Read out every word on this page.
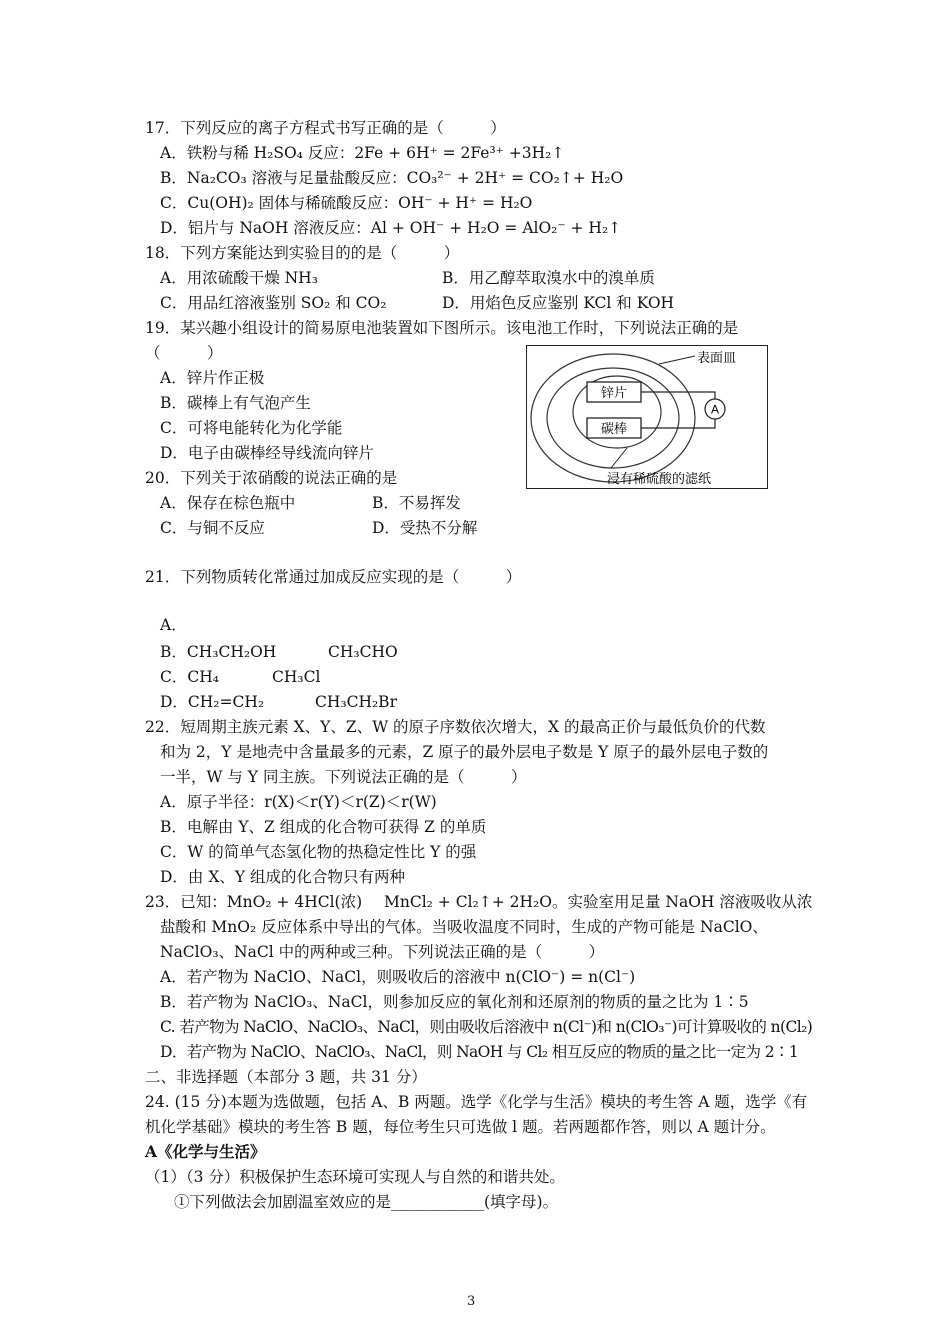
17．下列反应的离子方程式书写正确的是（　　　）
A．铁粉与稀 H₂SO₄ 反应：2Fe + 6H⁺ = 2Fe³⁺ +3H₂↑
B．Na₂CO₃ 溶液与足量盐酸反应：CO₃²⁻ + 2H⁺ = CO₂↑+ H₂O
C．Cu(OH)₂ 固体与稀硫酸反应：OH⁻ + H⁺ = H₂O
D．铝片与 NaOH 溶液反应：Al + OH⁻ + H₂O = AlO₂⁻ + H₂↑
18．下列方案能达到实验目的的是（　　　）
A．用浓硫酸干燥 NH₃	B．用乙醇萃取溴水中的溴单质
C．用品红溶液鉴别 SO₂ 和 CO₂	D．用焰色反应鉴别 KCl 和 KOH
19．某兴趣小组设计的简易原电池装置如下图所示。该电池工作时，下列说法正确的是
（　　　）
A．锌片作正极
B．碳棒上有气泡产生
C．可将电能转化为化学能
D．电子由碳棒经导线流向锌片
A
锌片
碳棒
表面皿
浸有稀硫酸的滤纸
20．下列关于浓硝酸的说法正确的是
A．保存在棕色瓶中	B．不易挥发
C．与铜不反应	D．受热不分解
21．下列物质转化常通过加成反应实现的是（　　　）
A．
B．CH₃CH₂OH	CH₃CHO
C．CH₄	CH₃Cl
D．CH₂=CH₂	CH₃CH₂Br
22．短周期主族元素 X、Y、Z、W 的原子序数依次增大，X 的最高正价与最低负价的代数
和为 2，Y 是地壳中含量最多的元素，Z 原子的最外层电子数是 Y 原子的最外层电子数的
一半，W 与 Y 同主族。下列说法正确的是（　　　）
A．原子半径：r(X)＜r(Y)＜r(Z)＜r(W)
B．电解由 Y、Z 组成的化合物可获得 Z 的单质
C．W 的简单气态氢化物的热稳定性比 Y 的强
D．由 X、Y 组成的化合物只有两种
23．已知：MnO₂ + 4HCl(浓) MnCl₂ + Cl₂↑+ 2H₂O。实验室用足量 NaOH 溶液吸收从浓
盐酸和 MnO₂ 反应体系中导出的气体。当吸收温度不同时，生成的产物可能是 NaClO、
NaClO₃、NaCl 中的两种或三种。下列说法正确的是（　　　）
A．若产物为 NaClO、NaCl，则吸收后的溶液中 n(ClO⁻) = n(Cl⁻)
B．若产物为 NaClO₃、NaCl，则参加反应的氧化剂和还原剂的物质的量之比为 1∶5
C. 若产物为 NaClO、NaClO₃、NaCl，则由吸收后溶液中 n(Cl⁻)和 n(ClO₃⁻)可计算吸收的 n(Cl₂)
D．若产物为 NaClO、NaClO₃、NaCl，则 NaOH 与 Cl₂ 相互反应的物质的量之比一定为 2∶1
二、非选择题（本部分 3 题，共 31 分）
24. (15 分)本题为选做题，包括 A、B 两题。选学《化学与生活》模块的考生答 A 题，选学《有
机化学基础》模块的考生答 B 题，每位考生只可选做 l 题。若两题都作答，则以 A 题计分。
A《化学与生活》
（1）（3 分）积极保护生态环境可实现人与自然的和谐共处。
①下列做法会加剧温室效应的是____________(填字母)。
3
